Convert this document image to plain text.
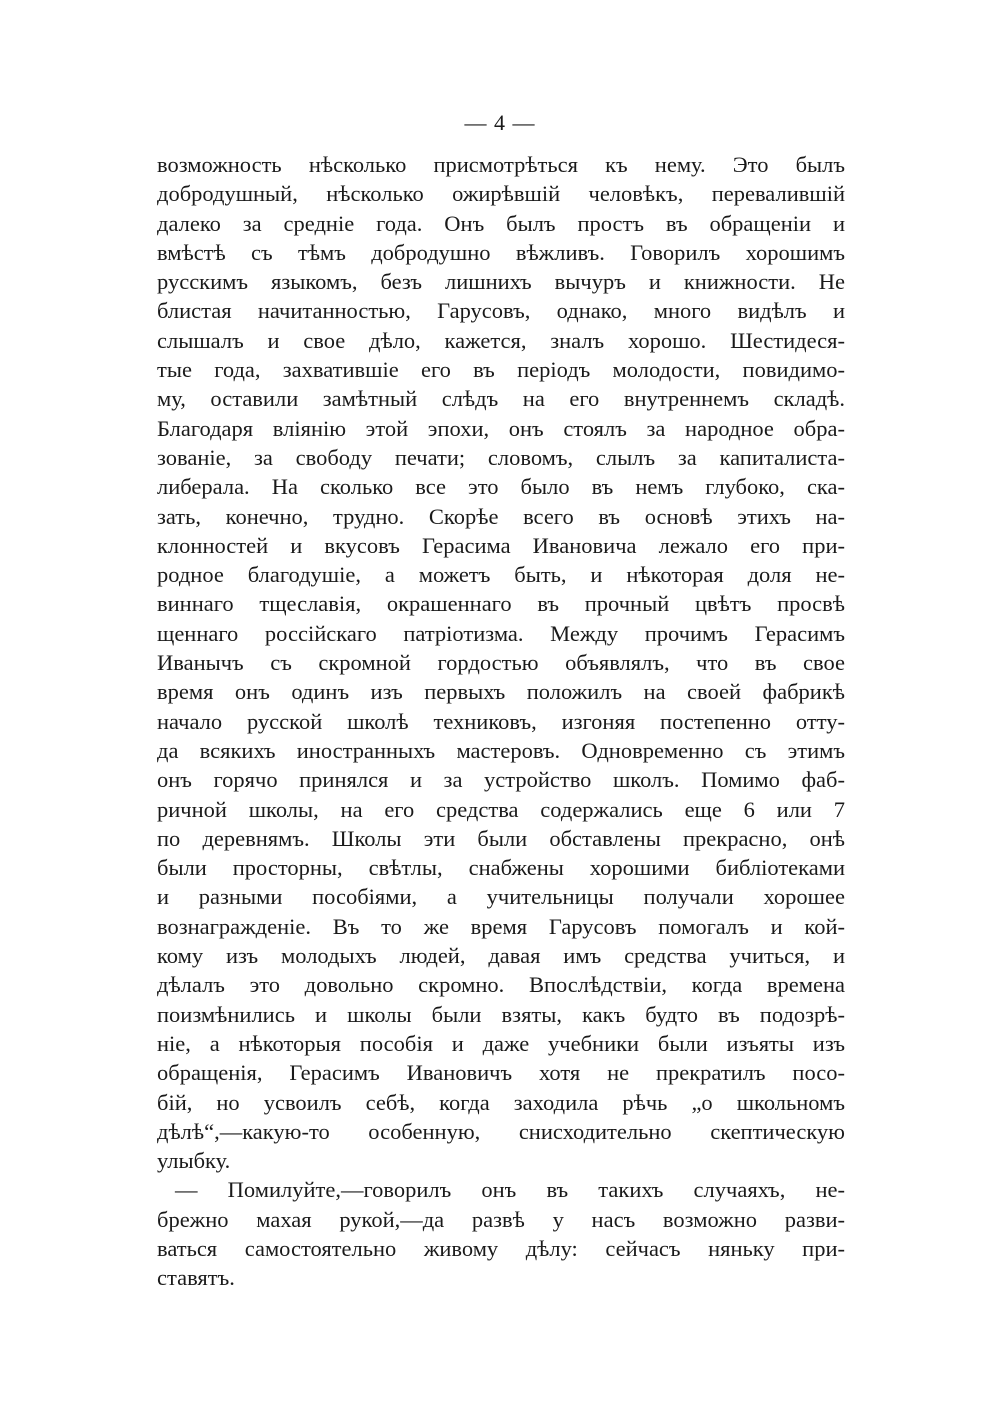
— 4 —
возможность нѣсколько присмотрѣться къ нему. Это былъ
добродушный, нѣсколько ожирѣвшій человѣкъ, перевалившій
далеко за средніе года. Онъ былъ простъ въ обращеніи и
вмѣстѣ съ тѣмъ добродушно вѣжливъ. Говорилъ хорошимъ
русскимъ языкомъ, безъ лишнихъ вычуръ и книжности. Не
блистая начитанностью, Гарусовъ, однако, много видѣлъ и
слышалъ и свое дѣло, кажется, зналъ хорошо. Шестидеся-
тые года, захватившіе его въ періодъ молодости, повидимо-
му, оставили замѣтный слѣдъ на его внутреннемъ складѣ.
Благодаря вліянію этой эпохи, онъ стоялъ за народное обра-
зованіе, за свободу печати; словомъ, слылъ за капиталиста-
либерала. На сколько все это было въ немъ глубоко, ска-
зать, конечно, трудно. Скорѣе всего въ основѣ этихъ на-
клонностей и вкусовъ Герасима Ивановича лежало его при-
родное благодушіе, а можетъ быть, и нѣкоторая доля не-
виннаго тщеславія, окрашеннаго въ прочный цвѣтъ просвѣ
щеннаго россійскаго патріотизма. Между прочимъ Герасимъ
Иванычъ съ скромной гордостью объявлялъ, что въ свое
время онъ одинъ изъ первыхъ положилъ на своей фабрикѣ
начало русской школѣ техниковъ, изгоняя постепенно отту-
да всякихъ иностранныхъ мастеровъ. Одновременно съ этимъ
онъ горячо принялся и за устройство школъ. Помимо фаб-
ричной школы, на его средства содержались еще 6 или 7
по деревнямъ. Школы эти были обставлены прекрасно, онѣ
были просторны, свѣтлы, снабжены хорошими библіотеками
и разными пособіями, а учительницы получали хорошее
вознагражденіе. Въ то же время Гарусовъ помогалъ и кой-
кому изъ молодыхъ людей, давая имъ средства учиться, и
дѣлалъ это довольно скромно. Впослѣдствіи, когда времена
поизмѣнились и школы были взяты, какъ будто въ подозрѣ-
ніе, а нѣкоторыя пособія и даже учебники были изъяты изъ
обращенія, Герасимъ Ивановичъ хотя не прекратилъ посо-
бій, но усвоилъ себѣ, когда заходила рѣчь „о школьномъ
дѣлѣ“,—какую-то особенную, снисходительно скептическую
улыбку.
— Помилуйте,—говорилъ онъ въ такихъ случаяхъ, не-
брежно махая рукой,—да развѣ у насъ возможно разви-
ваться самостоятельно живому дѣлу: сейчасъ няньку при-
ставятъ.
